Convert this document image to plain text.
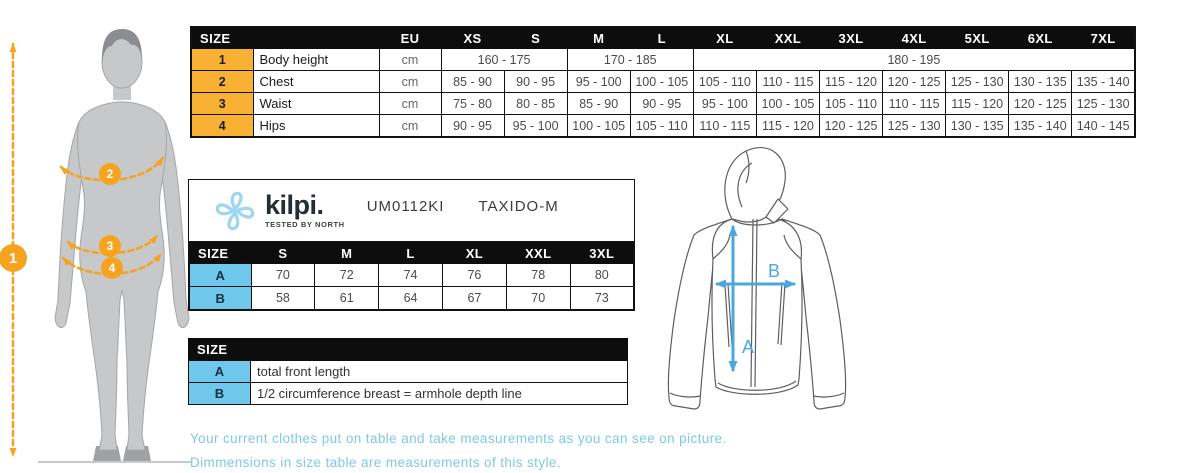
1
2
3
4
SIZE		EU	XS	S	M	L	XL	XXL	3XL	4XL	5XL	6XL	7XL
1	Body height	cm	160 - 175		170 - 185		180 - 195						
2	Chest	cm	85 - 90	90 - 95	95 - 100	100 - 105	105 - 110	110 - 115	115 - 120	120 - 125	125 - 130	130 - 135	135 - 140
3	Waist	cm	75 - 80	80 - 85	85 - 90	90 - 95	95 - 100	100 - 105	105 - 110	110 - 115	115 - 120	120 - 125	125 - 130
4	Hips	cm	90 - 95	95 - 100	100 - 105	105 - 110	110 - 115	115 - 120	120 - 125	125 - 130	130 - 135	135 - 140	140 - 145
kilpi.
TESTED BY NORTH
UM0112KI TAXIDO-M
SIZE	S	M	L	XL	XXL	3XL
A	70	72	74	76	78	80
B	58	61	64	67	70	73
SIZE	
A	total front length
B	1/2 circumference breast = armhole depth line
A
B
Your current clothes put on table and take measurements as you can see on picture.
Dimmensions in size table are measurements of this style.
